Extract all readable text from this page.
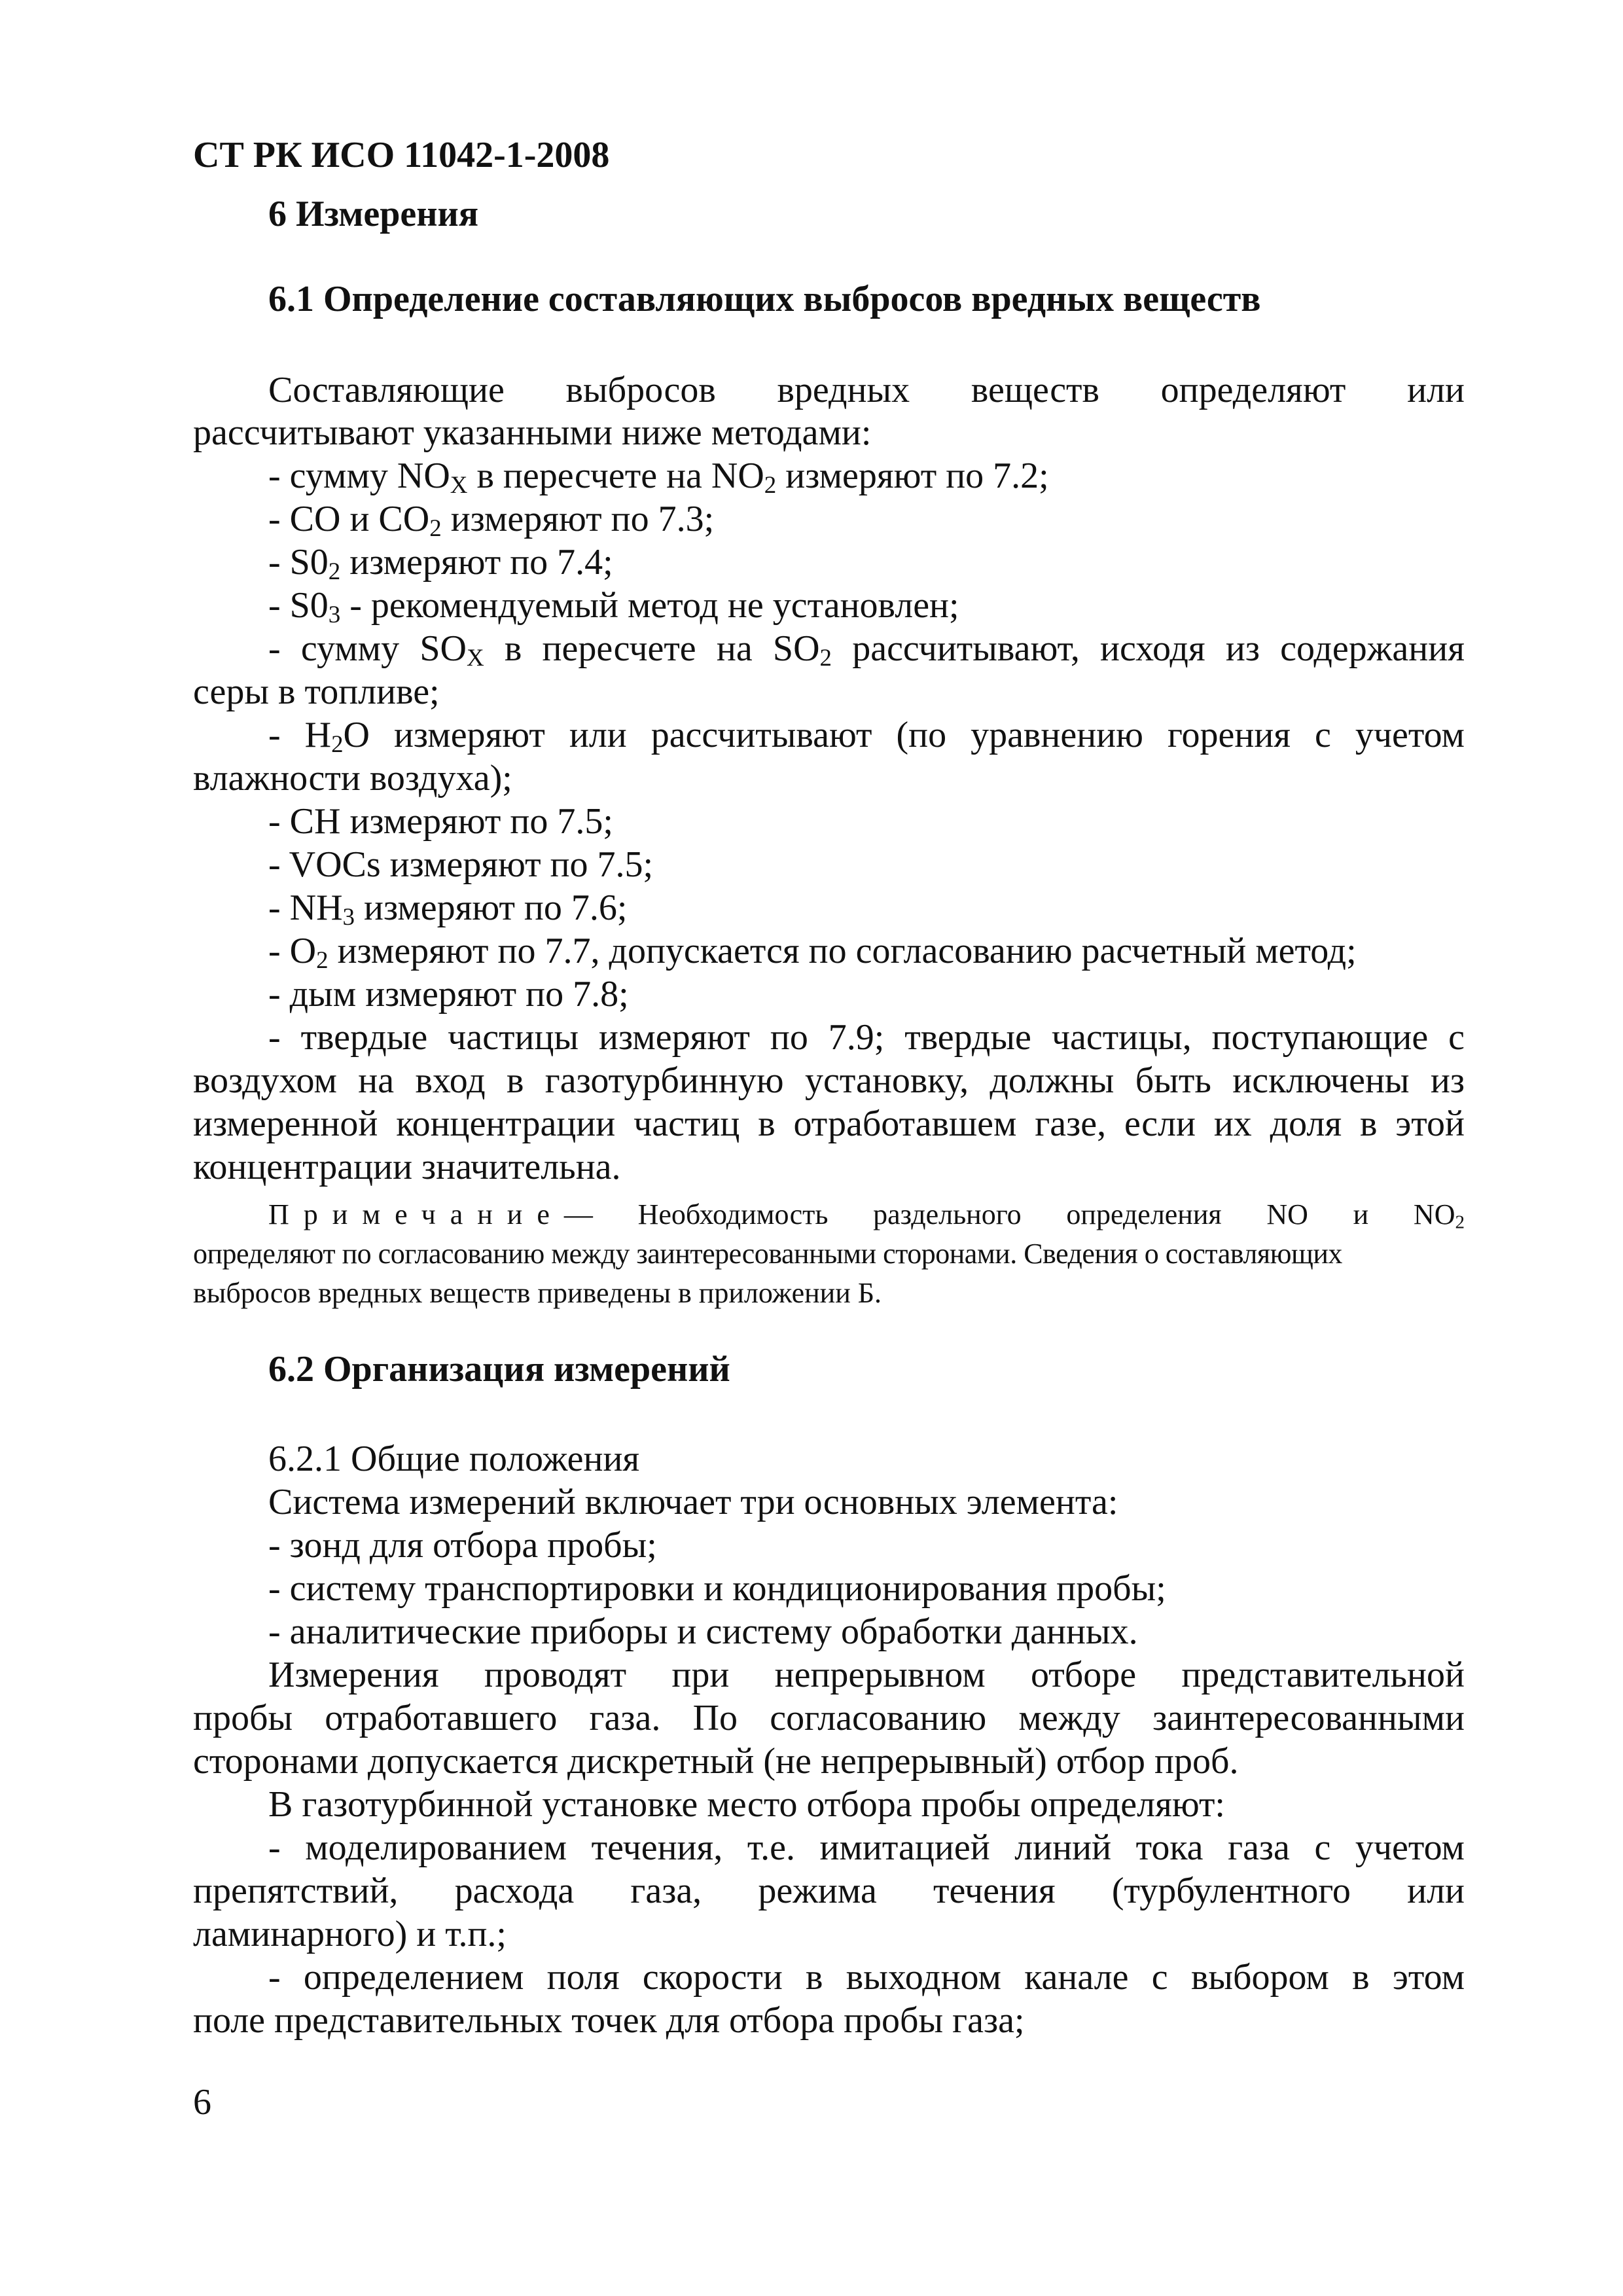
СТ РК ИСО 11042-1-2008
6 Измерения
6.1 Определение составляющих выбросов вредных веществ
Составляющие выбросов вредных веществ определяют или
рассчитывают указанными ниже методами:
- сумму $NO_X$ в пересчете на $NO_2$ измеряют по 7.2;
- CO и $CO_2$ измеряют по 7.3;
- $S0_2$ измеряют по 7.4;
- $S0_3$ - рекомендуемый метод не установлен;
- сумму $SO_X$ в пересчете на $SO_2$ рассчитывают, исходя из содержания
серы в топливе;
- $H_2O$ измеряют или рассчитывают (по уравнению горения с учетом
влажности воздуха);
- CH измеряют по 7.5;
- VOCs измеряют по 7.5;
- $NH_3$ измеряют по 7.6;
- $O_2$ измеряют по 7.7, допускается по согласованию расчетный метод;
- дым измеряют по 7.8;
- твердые частицы измеряют по 7.9; твердые частицы, поступающие с
воздухом на вход в газотурбинную установку, должны быть исключены из
измеренной концентрации частиц в отработавшем газе, если их доля в этой
концентрации значительна.
Примечание — Необходимость раздельного определения NO и $NO_2$
определяют по согласованию между заинтересованными сторонами. Сведения о составляющих
выбросов вредных веществ приведены в приложении Б.
6.2 Организация измерений
6.2.1 Общие положения
Система измерений включает три основных элемента:
- зонд для отбора пробы;
- систему транспортировки и кондиционирования пробы;
- аналитические приборы и систему обработки данных.
Измерения проводят при непрерывном отборе представительной
пробы отработавшего газа. По согласованию между заинтересованными
сторонами допускается дискретный (не непрерывный) отбор проб.
В газотурбинной установке место отбора пробы определяют:
- моделированием течения, т.е. имитацией линий тока газа с учетом
препятствий, расхода газа, режима течения (турбулентного или
ламинарного) и т.п.;
- определением поля скорости в выходном канале с выбором в этом
поле представительных точек для отбора пробы газа;
6
